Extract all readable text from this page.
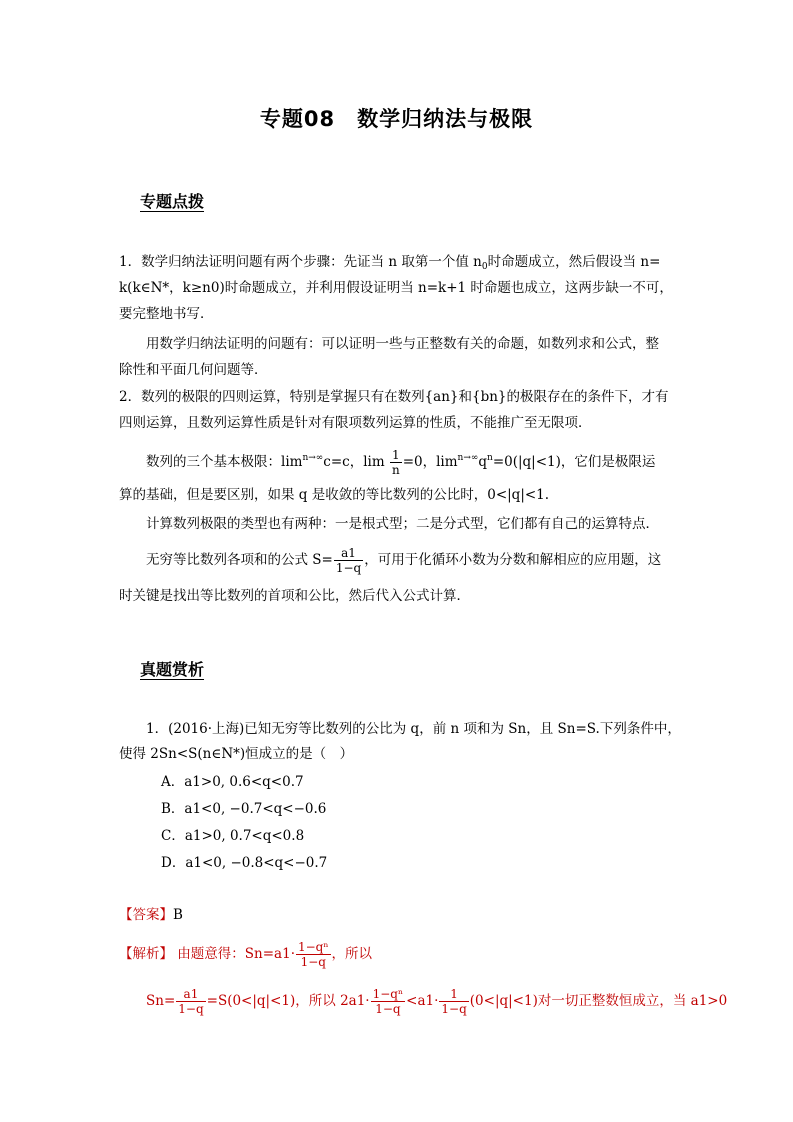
专题08　数学归纳法与极限
专题点拨
1．数学归纳法证明问题有两个步骤：先证当 n 取第一个值 $n_0$时命题成立，然后假设当 n=
k(k∈N*，k≥n0)时命题成立，并利用假设证明当 n=k+1 时命题也成立，这两步缺一不可，
要完整地书写．
用数学归纳法证明的问题有：可以证明一些与正整数有关的命题，如数列求和公式，整
除性和平面几何问题等．
2．数列的极限的四则运算，特别是掌握只有在数列{an}和{bn}的极限存在的条件下，才有
四则运算，且数列运算性质是针对有限项数列运算的性质，不能推广至无限项．
数列的三个基本极限：$\lim^{n\to\infty}c=c$，$\lim \frac{1}{n} =0$，$\lim^{n\to\infty}q^n=0(|q|<1)$，它们是极限运
算的基础，但是要区别，如果 q 是收敛的等比数列的公比时，0<|q|<1.
计算数列极限的类型也有两种：一是根式型；二是分式型，它们都有自己的运算特点．
无穷等比数列各项和的公式 $S= \frac{a1}{1-q}$ ，可用于化循环小数为分数和解相应的应用题，这
时关键是找出等比数列的首项和公比，然后代入公式计算．
真题赏析
1．(2016·上海)已知无穷等比数列的公比为 q，前 n 项和为 Sn，且 Sn=S.下列条件中，
使得 2Sn<S(n∈N*)恒成立的是（　）
A．a1>0, 0.6<q<0.7
B．a1<0, −0.7<q<−0.6
C．a1>0, 0.7<q<0.8
D．a1<0, −0.8<q<−0.7
【答案】B
【解析】 由题意得：$Sn=a1\cdot \frac{\text{1−qⁿ}}{1-q}$ ，所以
$Sn= \frac{a1}{1-q} =S(0<|q|<1)$，所以 $2a1\cdot \frac{\text{1−qⁿ}}{1-q} <a1\cdot \frac{1}{1-q} (0<|q|<1)$对一切正整数恒成立，当 a1>0
